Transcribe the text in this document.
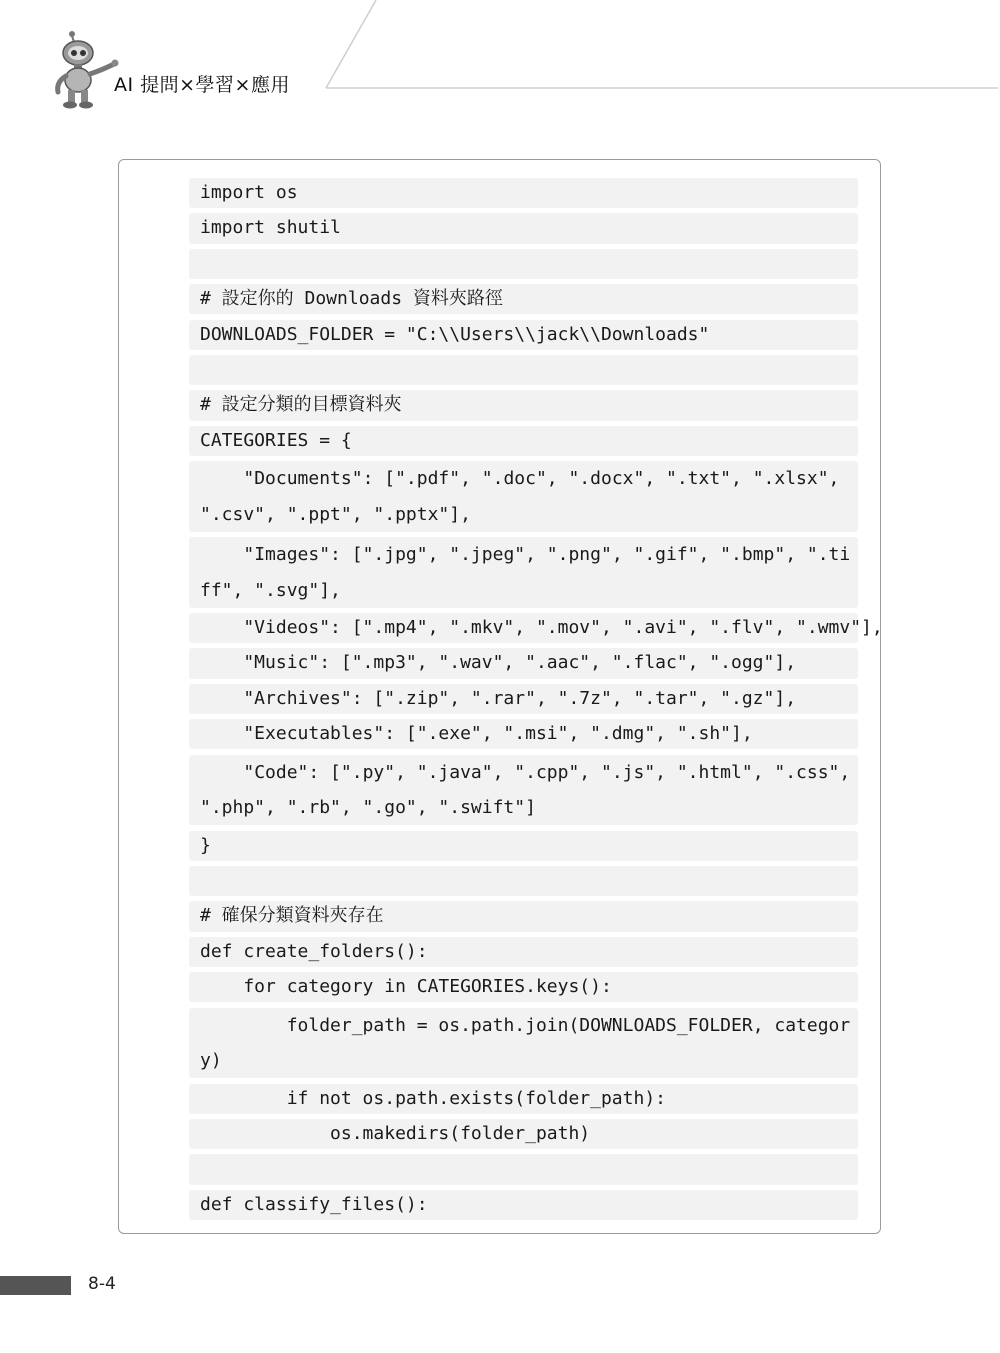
AI 提問×學習×應用
import os
import shutil
# 設定你的 Downloads 資料夾路徑
DOWNLOADS_FOLDER = "C:\\Users\\jack\\Downloads"
# 設定分類的目標資料夾
CATEGORIES = {
"Documents": [".pdf", ".doc", ".docx", ".txt", ".xlsx", ".csv", ".ppt", ".pptx"],
"Images": [".jpg", ".jpeg", ".png", ".gif", ".bmp", ".tiff", ".svg"],
"Videos": [".mp4", ".mkv", ".mov", ".avi", ".flv", ".wmv"],
"Music": [".mp3", ".wav", ".aac", ".flac", ".ogg"],
"Archives": [".zip", ".rar", ".7z", ".tar", ".gz"],
"Executables": [".exe", ".msi", ".dmg", ".sh"],
"Code": [".py", ".java", ".cpp", ".js", ".html", ".css", ".php", ".rb", ".go", ".swift"]
}
# 確保分類資料夾存在
def create_folders():
for category in CATEGORIES.keys():
folder_path = os.path.join(DOWNLOADS_FOLDER, category)
if not os.path.exists(folder_path):
os.makedirs(folder_path)
def classify_files():
8-4
